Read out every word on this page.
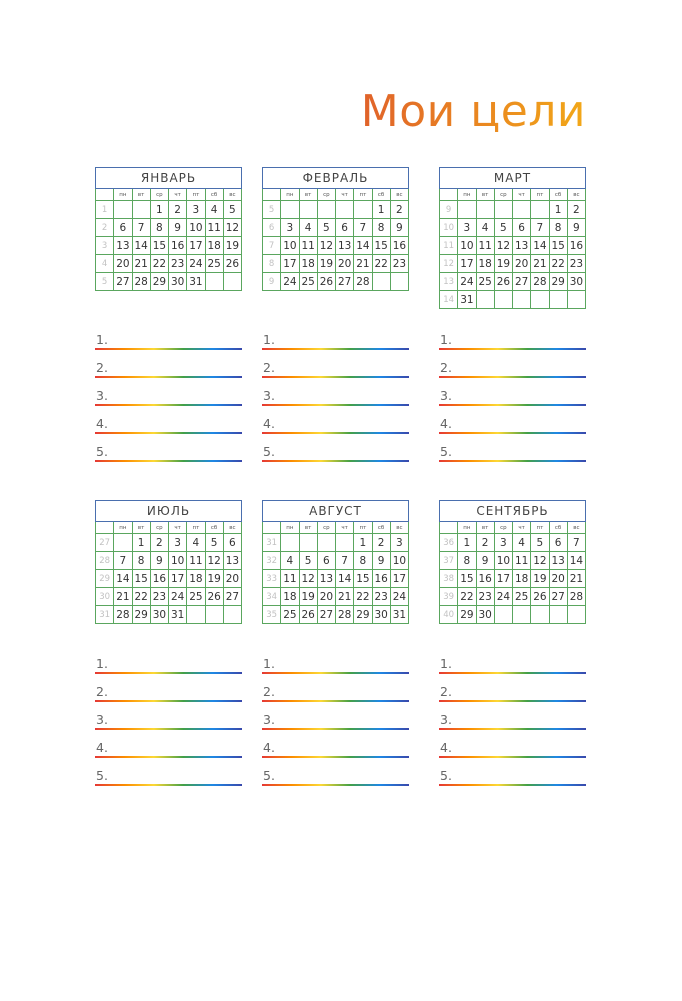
Мои цели
ЯНВАРЬ							
	пн	вт	ср	чт	пт	сб	вс
1			1	2	3	4	5
2	6	7	8	9	10	11	12
3	13	14	15	16	17	18	19
4	20	21	22	23	24	25	26
5	27	28	29	30	31		
1.
2.
3.
4.
5.
ФЕВРАЛЬ							
	пн	вт	ср	чт	пт	сб	вс
5						1	2
6	3	4	5	6	7	8	9
7	10	11	12	13	14	15	16
8	17	18	19	20	21	22	23
9	24	25	26	27	28		
1.
2.
3.
4.
5.
МАРТ							
	пн	вт	ср	чт	пт	сб	вс
9						1	2
10	3	4	5	6	7	8	9
11	10	11	12	13	14	15	16
12	17	18	19	20	21	22	23
13	24	25	26	27	28	29	30
14	31						
1.
2.
3.
4.
5.
ИЮЛЬ							
	пн	вт	ср	чт	пт	сб	вс
27		1	2	3	4	5	6
28	7	8	9	10	11	12	13
29	14	15	16	17	18	19	20
30	21	22	23	24	25	26	27
31	28	29	30	31			
1.
2.
3.
4.
5.
АВГУСТ							
	пн	вт	ср	чт	пт	сб	вс
31					1	2	3
32	4	5	6	7	8	9	10
33	11	12	13	14	15	16	17
34	18	19	20	21	22	23	24
35	25	26	27	28	29	30	31
1.
2.
3.
4.
5.
СЕНТЯБРЬ							
	пн	вт	ср	чт	пт	сб	вс
36	1	2	3	4	5	6	7
37	8	9	10	11	12	13	14
38	15	16	17	18	19	20	21
39	22	23	24	25	26	27	28
40	29	30					
1.
2.
3.
4.
5.
